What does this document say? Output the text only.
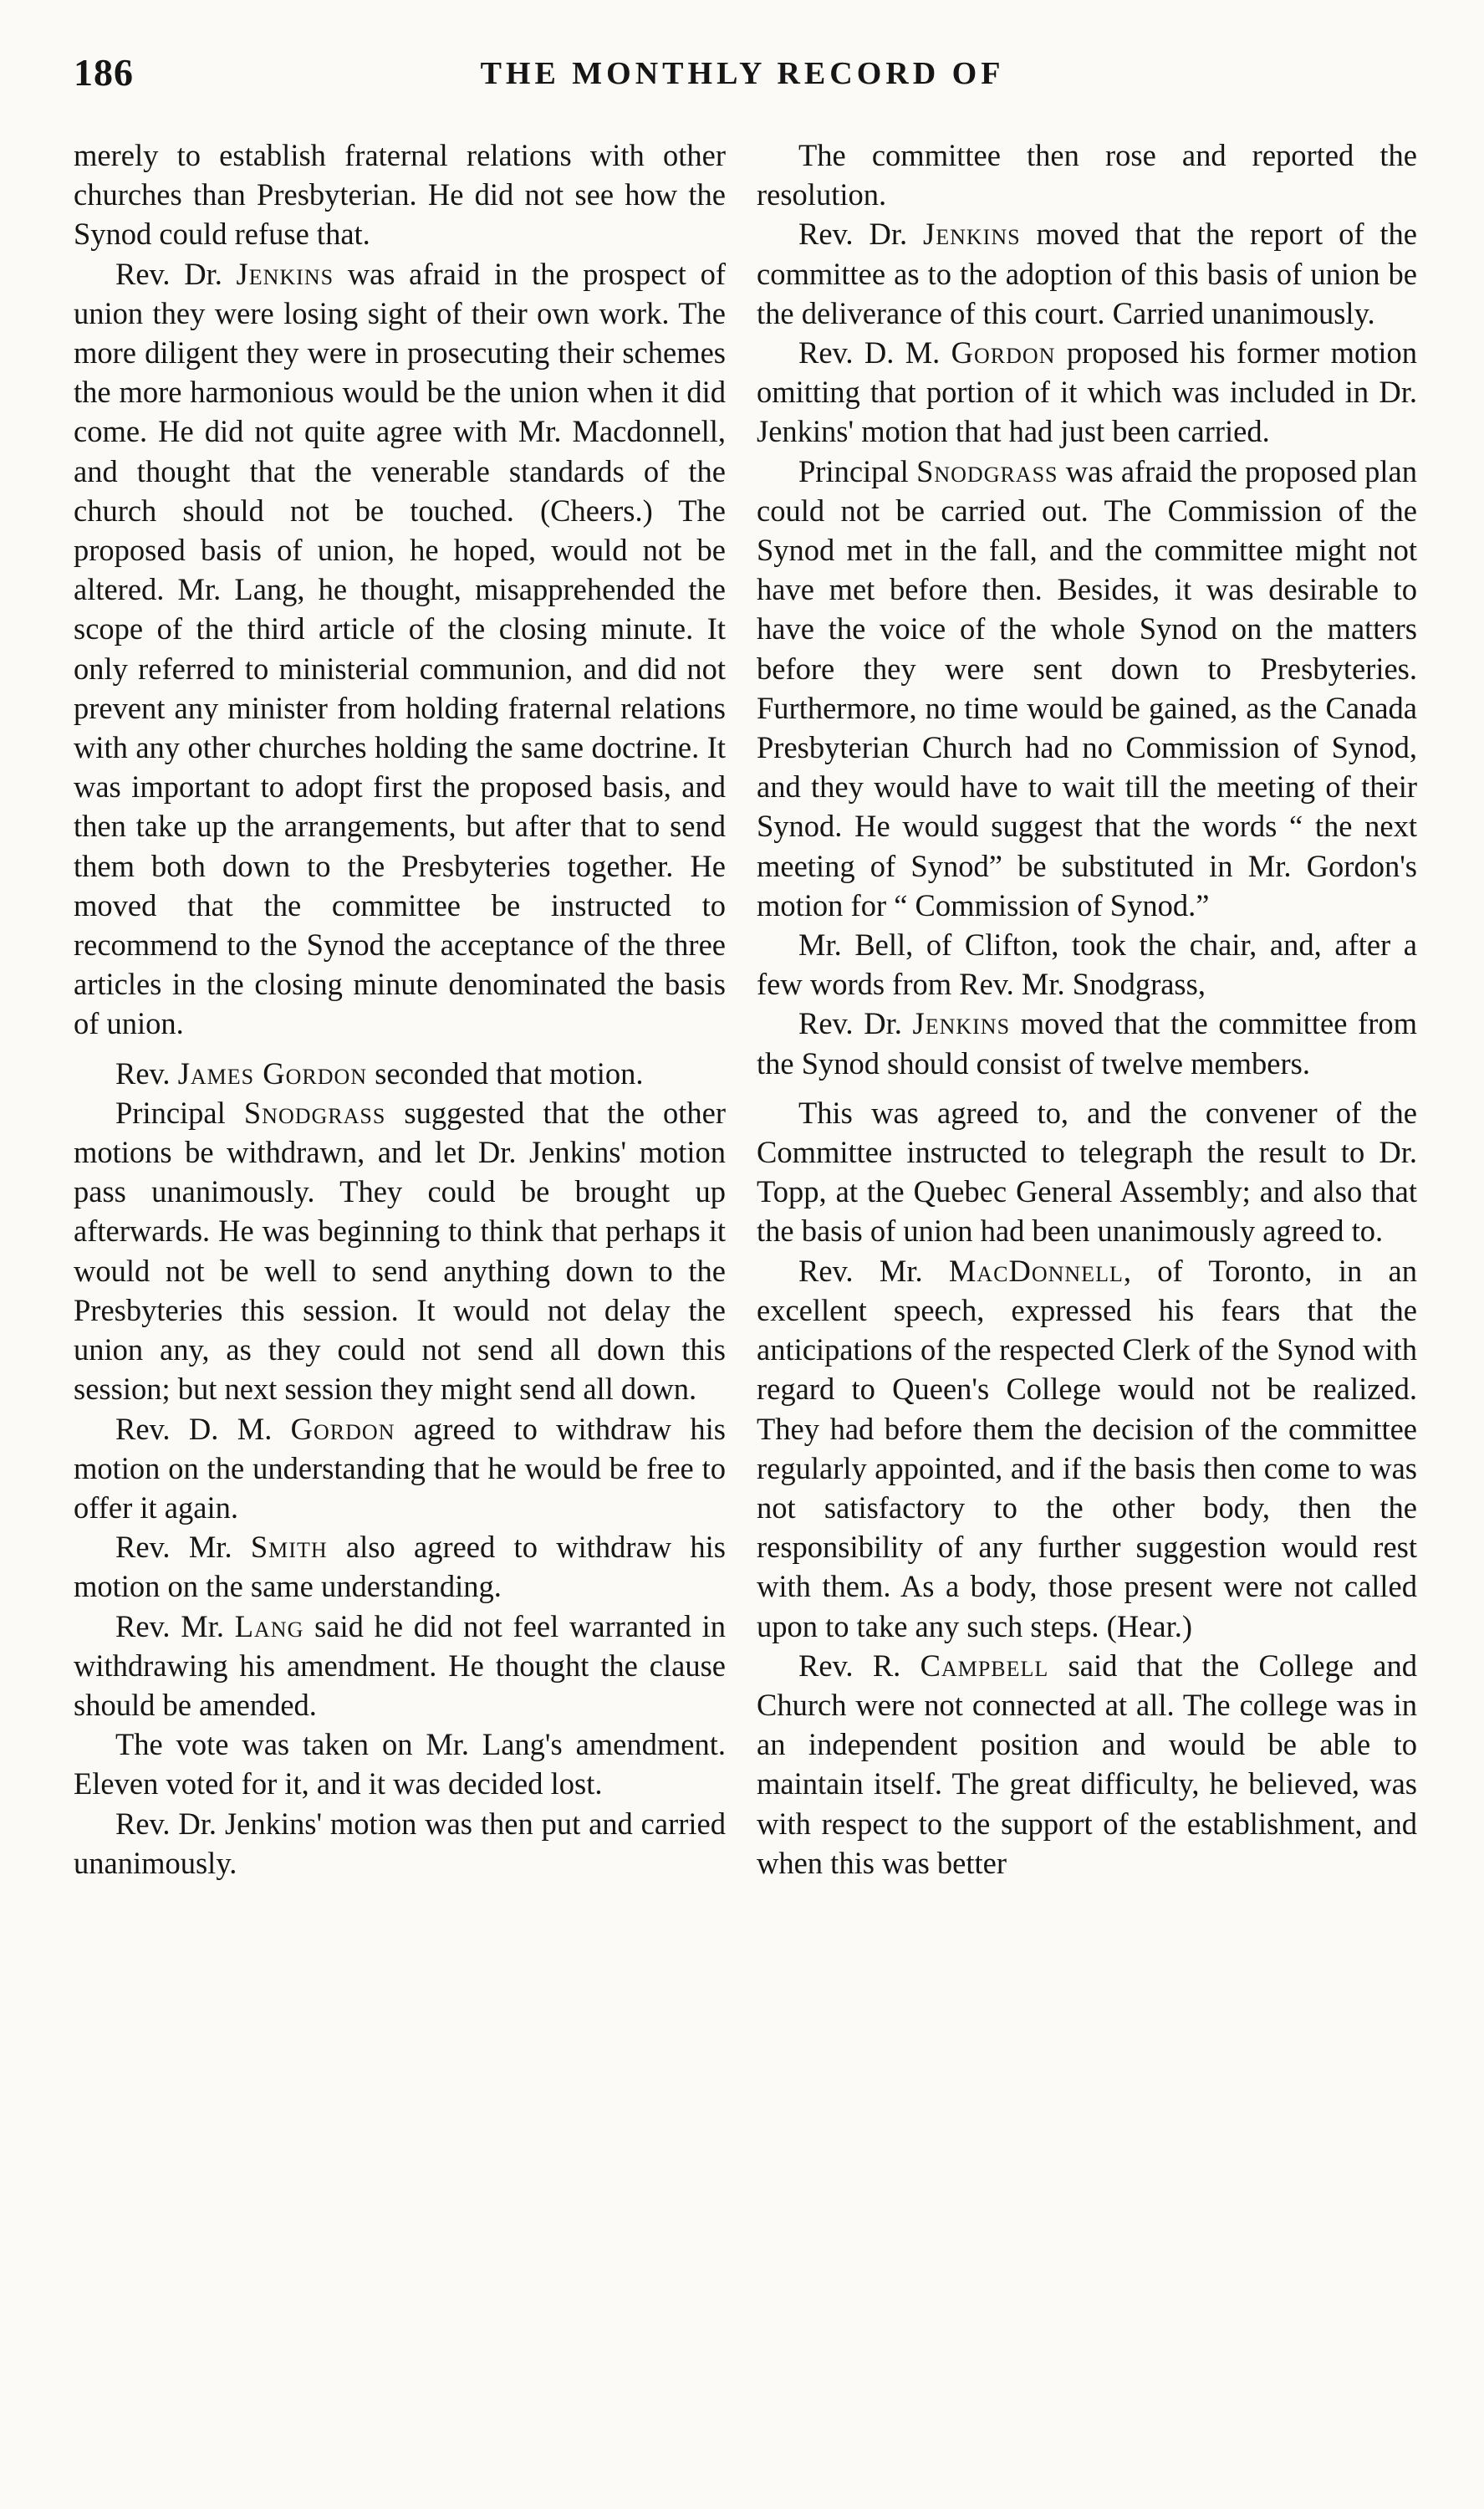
186	THE MONTHLY RECORD OF

merely to establish fraternal relations with other churches than Presbyterian. He did not see how the Synod could refuse that.

Rev. Dr. Jenkins was afraid in the prospect of union they were losing sight of their own work. The more diligent they were in prosecuting their schemes the more harmonious would be the union when it did come. He did not quite agree with Mr. Macdonnell, and thought that the venerable standards of the church should not be touched. (Cheers.) The proposed basis of union, he hoped, would not be altered. Mr. Lang, he thought, misapprehended the scope of the third article of the closing minute. It only referred to ministerial communion, and did not prevent any minister from holding fraternal relations with any other churches holding the same doctrine. It was important to adopt first the proposed basis, and then take up the arrangements, but after that to send them both down to the Presbyteries together. He moved that the committee be instructed to recommend to the Synod the acceptance of the three articles in the closing minute denominated the basis of union.

Rev. James Gordon seconded that motion.

Principal Snodgrass suggested that the other motions be withdrawn, and let Dr. Jenkins' motion pass unanimously. They could be brought up afterwards. He was beginning to think that perhaps it would not be well to send anything down to the Presbyteries this session. It would not delay the union any, as they could not send all down this session; but next session they might send all down.

Rev. D. M. Gordon agreed to withdraw his motion on the understanding that he would be free to offer it again.

Rev. Mr. Smith also agreed to withdraw his motion on the same understanding.

Rev. Mr. Lang said he did not feel warranted in withdrawing his amendment. He thought the clause should be amended.

The vote was taken on Mr. Lang's amendment. Eleven voted for it, and it was decided lost.

Rev. Dr. Jenkins' motion was then put and carried unanimously.

The committee then rose and reported the resolution.

Rev. Dr. Jenkins moved that the report of the committee as to the adoption of this basis of union be the deliverance of this court. Carried unanimously.

Rev. D. M. Gordon proposed his former motion omitting that portion of it which was included in Dr. Jenkins' motion that had just been carried.

Principal Snodgrass was afraid the proposed plan could not be carried out. The Commission of the Synod met in the fall, and the committee might not have met before then. Besides, it was desirable to have the voice of the whole Synod on the matters before they were sent down to Presbyteries. Furthermore, no time would be gained, as the Canada Presbyterian Church had no Commission of Synod, and they would have to wait till the meeting of their Synod. He would suggest that the words “ the next meeting of Synod” be substituted in Mr. Gordon's motion for “ Commission of Synod.”

Mr. Bell, of Clifton, took the chair, and, after a few words from Rev. Mr. Snodgrass,

Rev. Dr. Jenkins moved that the committee from the Synod should consist of twelve members.

This was agreed to, and the convener of the Committee instructed to telegraph the result to Dr. Topp, at the Quebec General Assembly; and also that the basis of union had been unanimously agreed to.

Rev. Mr. MacDonnell, of Toronto, in an excellent speech, expressed his fears that the anticipations of the respected Clerk of the Synod with regard to Queen's College would not be realized. They had before them the decision of the committee regularly appointed, and if the basis then come to was not satisfactory to the other body, then the responsibility of any further suggestion would rest with them. As a body, those present were not called upon to take any such steps. (Hear.)

Rev. R. Campbell said that the College and Church were not connected at all. The college was in an independent position and would be able to maintain itself. The great difficulty, he believed, was with respect to the support of the establishment, and when this was better
